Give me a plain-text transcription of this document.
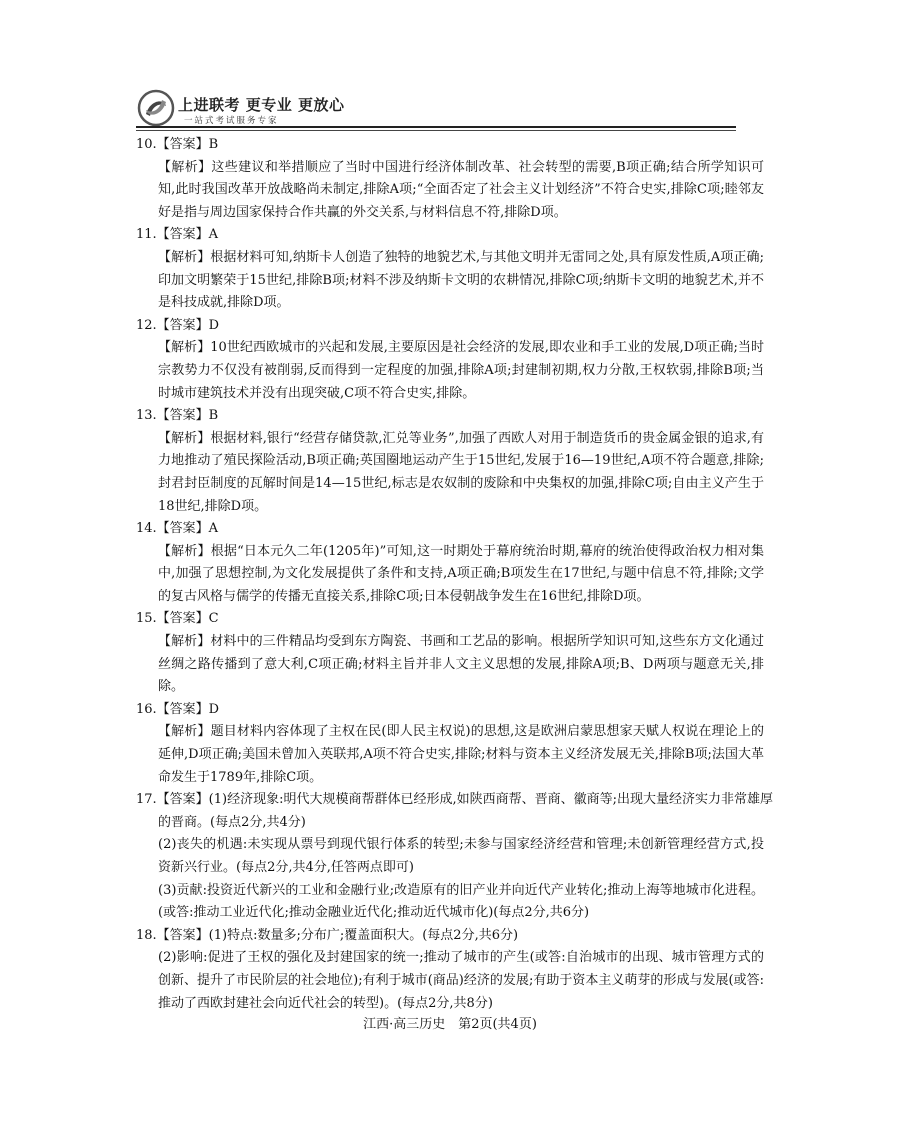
上进联考 更专业 更放心
一站式考试服务专家

10.【答案】B

【解析】这些建议和举措顺应了当时中国进行经济体制改革、社会转型的需要,B项正确;结合所学知识可知,此时我国改革开放战略尚未制定,排除A项;“全面否定了社会主义计划经济”不符合史实,排除C项;睦邻友好是指与周边国家保持合作共赢的外交关系,与材料信息不符,排除D项。

11.【答案】A

【解析】根据材料可知,纳斯卡人创造了独特的地貌艺术,与其他文明并无雷同之处,具有原发性质,A项正确;印加文明繁荣于15世纪,排除B项;材料不涉及纳斯卡文明的农耕情况,排除C项;纳斯卡文明的地貌艺术,并不是科技成就,排除D项。

12.【答案】D

【解析】10世纪西欧城市的兴起和发展,主要原因是社会经济的发展,即农业和手工业的发展,D项正确;当时宗教势力不仅没有被削弱,反而得到一定程度的加强,排除A项;封建制初期,权力分散,王权软弱,排除B项;当时城市建筑技术并没有出现突破,C项不符合史实,排除。

13.【答案】B

【解析】根据材料,银行“经营存储贷款,汇兑等业务”,加强了西欧人对用于制造货币的贵金属金银的追求,有力地推动了殖民探险活动,B项正确;英国圈地运动产生于15世纪,发展于16—19世纪,A项不符合题意,排除;封君封臣制度的瓦解时间是14—15世纪,标志是农奴制的废除和中央集权的加强,排除C项;自由主义产生于18世纪,排除D项。

14.【答案】A

【解析】根据“日本元久二年(1205年)”可知,这一时期处于幕府统治时期,幕府的统治使得政治权力相对集中,加强了思想控制,为文化发展提供了条件和支持,A项正确;B项发生在17世纪,与题中信息不符,排除;文学的复古风格与儒学的传播无直接关系,排除C项;日本侵朝战争发生在16世纪,排除D项。

15.【答案】C

【解析】材料中的三件精品均受到东方陶瓷、书画和工艺品的影响。根据所学知识可知,这些东方文化通过丝绸之路传播到了意大利,C项正确;材料主旨并非人文主义思想的发展,排除A项;B、D两项与题意无关,排除。

16.【答案】D

【解析】题目材料内容体现了主权在民(即人民主权说)的思想,这是欧洲启蒙思想家天赋人权说在理论上的延伸,D项正确;美国未曾加入英联邦,A项不符合史实,排除;材料与资本主义经济发展无关,排除B项;法国大革命发生于1789年,排除C项。

17.【答案】(1)经济现象:明代大规模商帮群体已经形成,如陕西商帮、晋商、徽商等;出现大量经济实力非常雄厚

的晋商。(每点2分,共4分)

(2)丧失的机遇:未实现从票号到现代银行体系的转型;未参与国家经济经营和管理;未创新管理经营方式,投资新兴行业。(每点2分,共4分,任答两点即可)

(3)贡献:投资近代新兴的工业和金融行业;改造原有的旧产业并向近代产业转化;推动上海等地城市化进程。(或答:推动工业近代化;推动金融业近代化;推动近代城市化)(每点2分,共6分)

18.【答案】(1)特点:数量多;分布广;覆盖面积大。(每点2分,共6分)

(2)影响:促进了王权的强化及封建国家的统一;推动了城市的产生(或答:自治城市的出现、城市管理方式的创新、提升了市民阶层的社会地位);有利于城市(商品)经济的发展;有助于资本主义萌芽的形成与发展(或答:推动了西欧封建社会向近代社会的转型)。(每点2分,共8分)

江西·高三历史　第2页(共4页)
